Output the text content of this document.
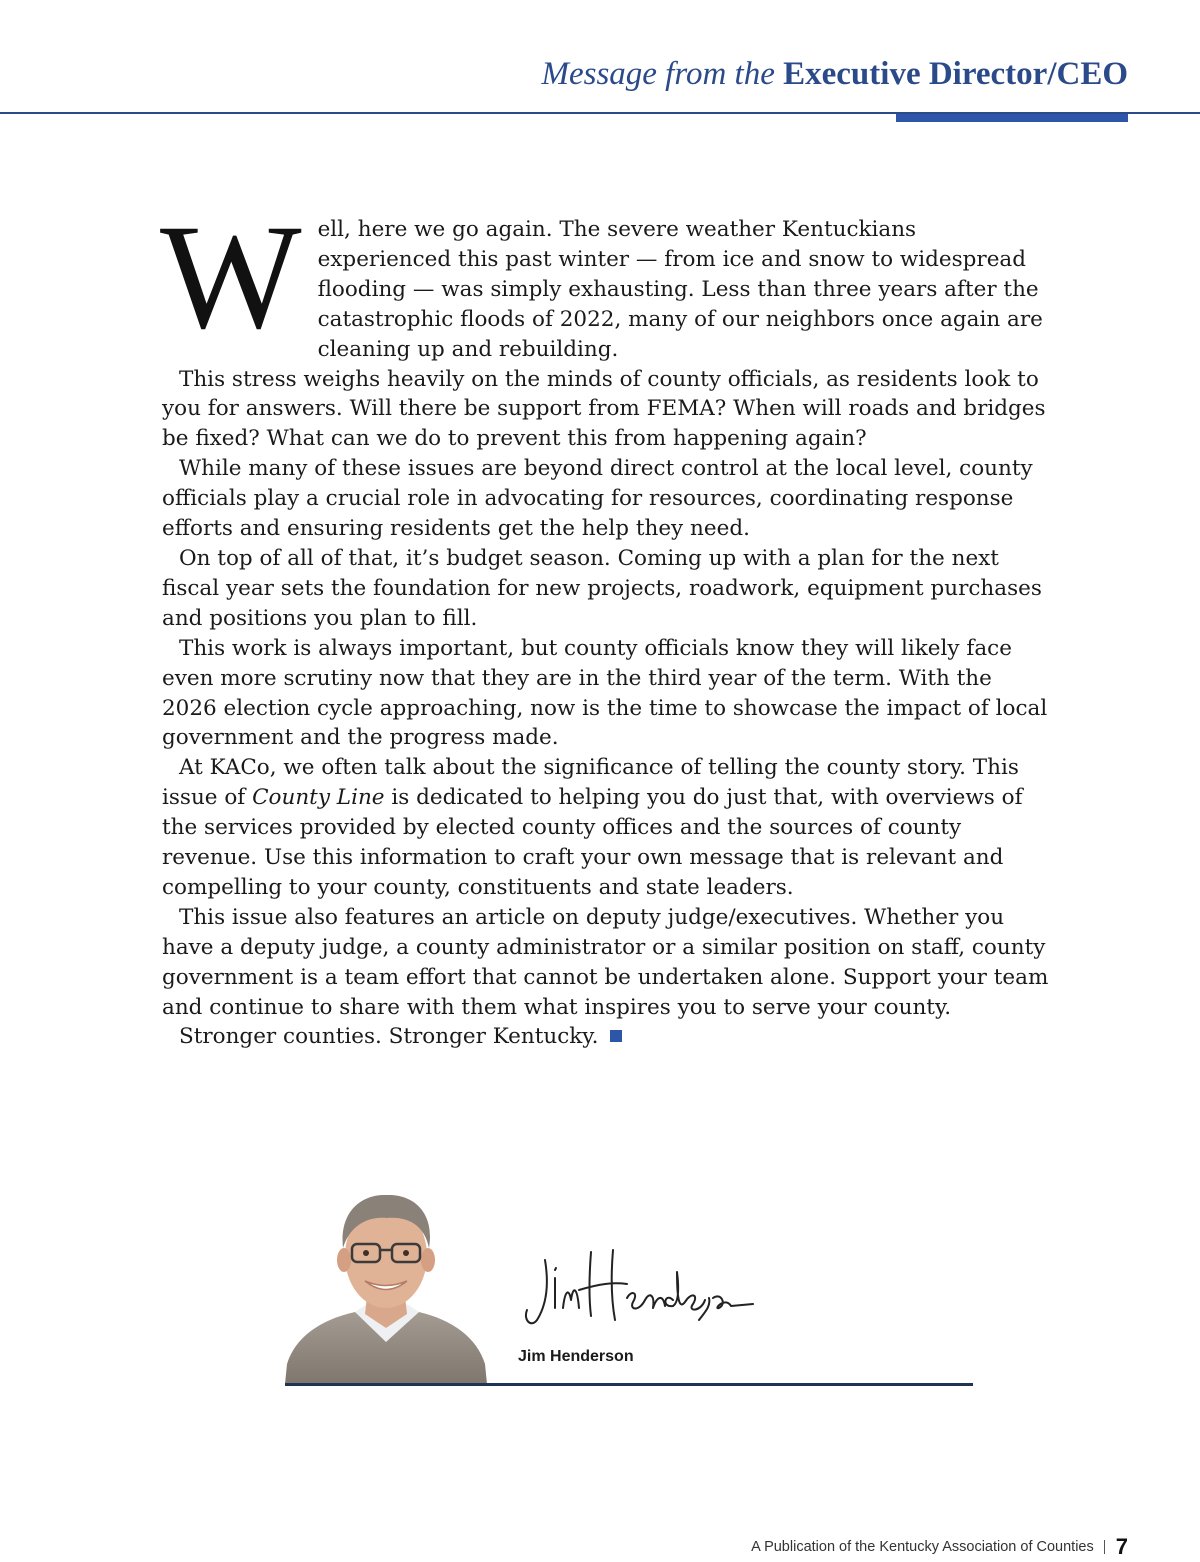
Message from the Executive Director/CEO

Well, here we go again. The severe weather Kentuckians experienced this past winter — from ice and snow to widespread flooding — was simply exhausting. Less than three years after the catastrophic floods of 2022, many of our neighbors once again are cleaning up and rebuilding.

This stress weighs heavily on the minds of county officials, as residents look to you for answers. Will there be support from FEMA? When will roads and bridges be fixed? What can we do to prevent this from happening again?

While many of these issues are beyond direct control at the local level, county officials play a crucial role in advocating for resources, coordinating response efforts and ensuring residents get the help they need.

On top of all of that, it’s budget season. Coming up with a plan for the next fiscal year sets the foundation for new projects, roadwork, equipment purchases and positions you plan to fill.

This work is always important, but county officials know they will likely face even more scrutiny now that they are in the third year of the term. With the 2026 election cycle approaching, now is the time to showcase the impact of local government and the progress made.

At KACo, we often talk about the significance of telling the county story. This issue of County Line is dedicated to helping you do just that, with overviews of the services provided by elected county offices and the sources of county revenue. Use this information to craft your own message that is relevant and compelling to your county, constituents and state leaders.

This issue also features an article on deputy judge/executives. Whether you have a deputy judge, a county administrator or a similar position on staff, county government is a team effort that cannot be undertaken alone. Support your team and continue to share with them what inspires you to serve your county.

Stronger counties. Stronger Kentucky.

Jim Henderson
A Publication of the Kentucky Association of Counties 7
